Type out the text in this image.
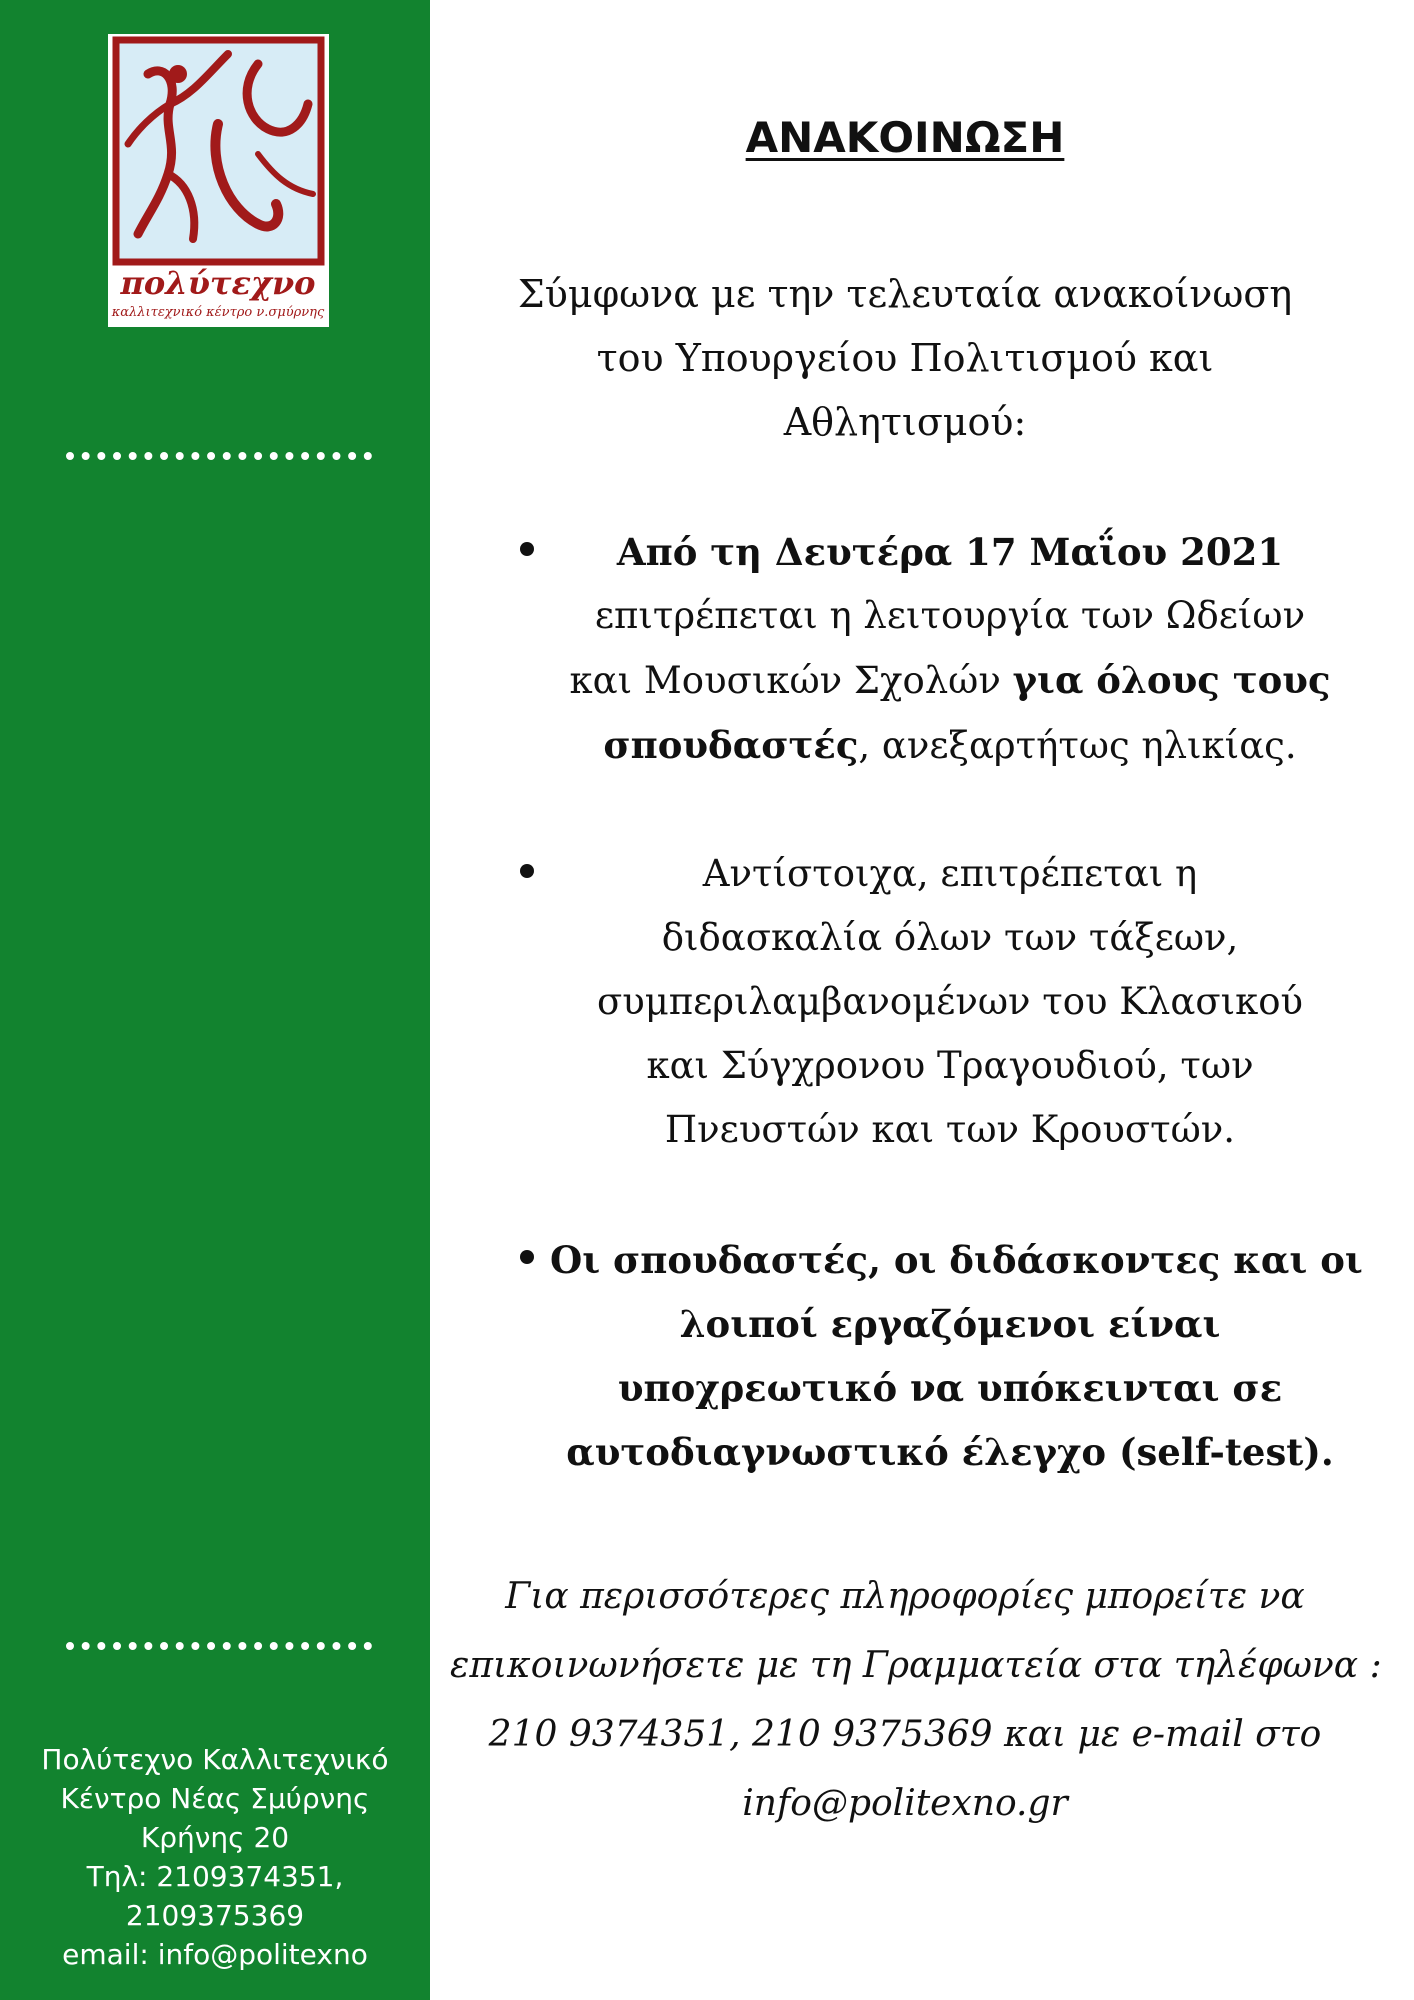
πολύτεχνο
καλλιτεχνικό κέντρο ν.σμύρνης
Πολύτεχνο Καλλιτεχνικό
Κέντρο Νέας Σμύρνης
Κρήνης 20
Τηλ: 2109374351,
2109375369
email: info@politexno
ΑΝΑΚΟΙΝΩΣΗ
Σύμφωνα με την τελευταία ανακοίνωση
του Υπουργείου Πολιτισμού και
Αθλητισμού:
Από τη Δευτέρα 17 Μαΐου 2021
επιτρέπεται η λειτουργία των Ωδείων
και Μουσικών Σχολών για όλους τους
σπουδαστές, ανεξαρτήτως ηλικίας.
Αντίστοιχα, επιτρέπεται η
διδασκαλία όλων των τάξεων,
συμπεριλαμβανομένων του Κλασικού
και Σύγχρονου Τραγουδιού, των
Πνευστών και των Κρουστών.
Οι σπουδαστές, οι διδάσκοντες και οι
λοιποί εργαζόμενοι είναι
υποχρεωτικό να υπόκεινται σε
αυτοδιαγνωστικό έλεγχο (self-test).
Για περισσότερες πληροφορίες μπορείτε να
επικοινωνήσετε με τη Γραμματεία στα τηλέφωνα :
210 9374351, 210 9375369 και με e-mail στο
info@politexno.gr
